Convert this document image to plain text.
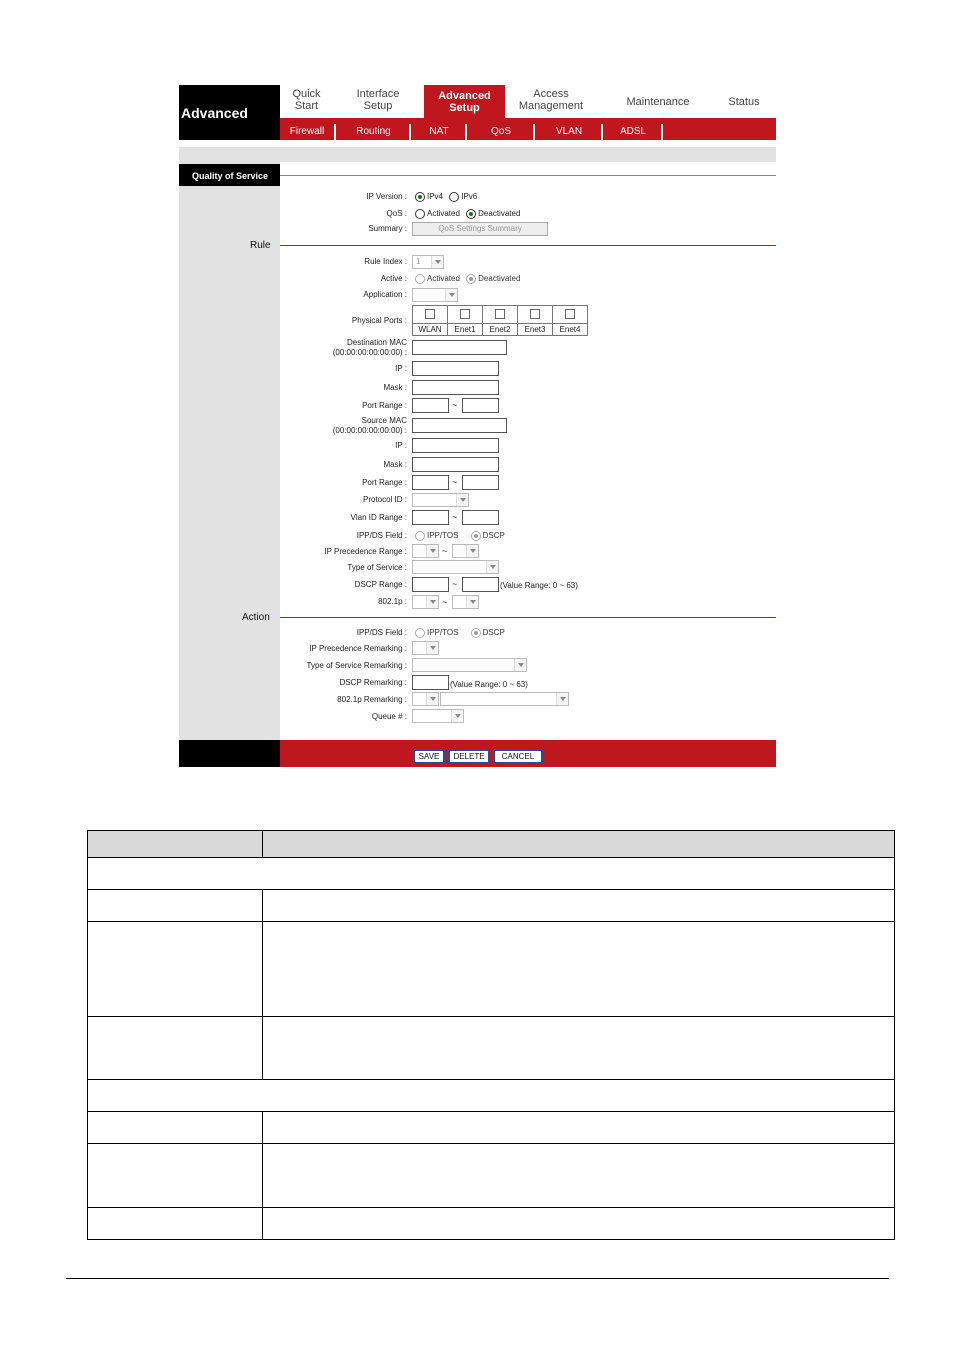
Advanced
Quick
Start
Interface
Setup
Advanced
Setup
Access
Management	Maintenance	Status
Firewall	Routing	NAT	QoS	VLAN	ADSL
Quality of Service
IP Version :	IPv4 IPv6
QoS :	Activated Deactivated
Summary :	QoS Settings Summary
Rule
Rule Index : 1
Active :	Activated Deactivated
Application :
Physical Ports :
WLAN	Enet1	Enet2	Enet3	Enet4
Destination MAC
(00:00:00:00:00:00) :
IP :
Mask :
Port Range :	~
Source MAC
(00:00:00:00:00:00) :
IP :
Mask :
Port Range :	~
Protocol ID :
Vlan ID Range :	~
IPP/DS Field :	IPP/TOS	DSCP
IP Precedence Range :	~
Type of Service :
DSCP Range :	~	(Value Range: 0 ~ 63)
802.1p :	~
Action
IPP/DS Field :	IPP/TOS	DSCP
IP Precedence Remarking :
Type of Service Remarking :
DSCP Remarking :	(Value Range: 0 ~ 63)
802.1p Remarking :
Queue # :
SAVE	DELETE	CANCEL
